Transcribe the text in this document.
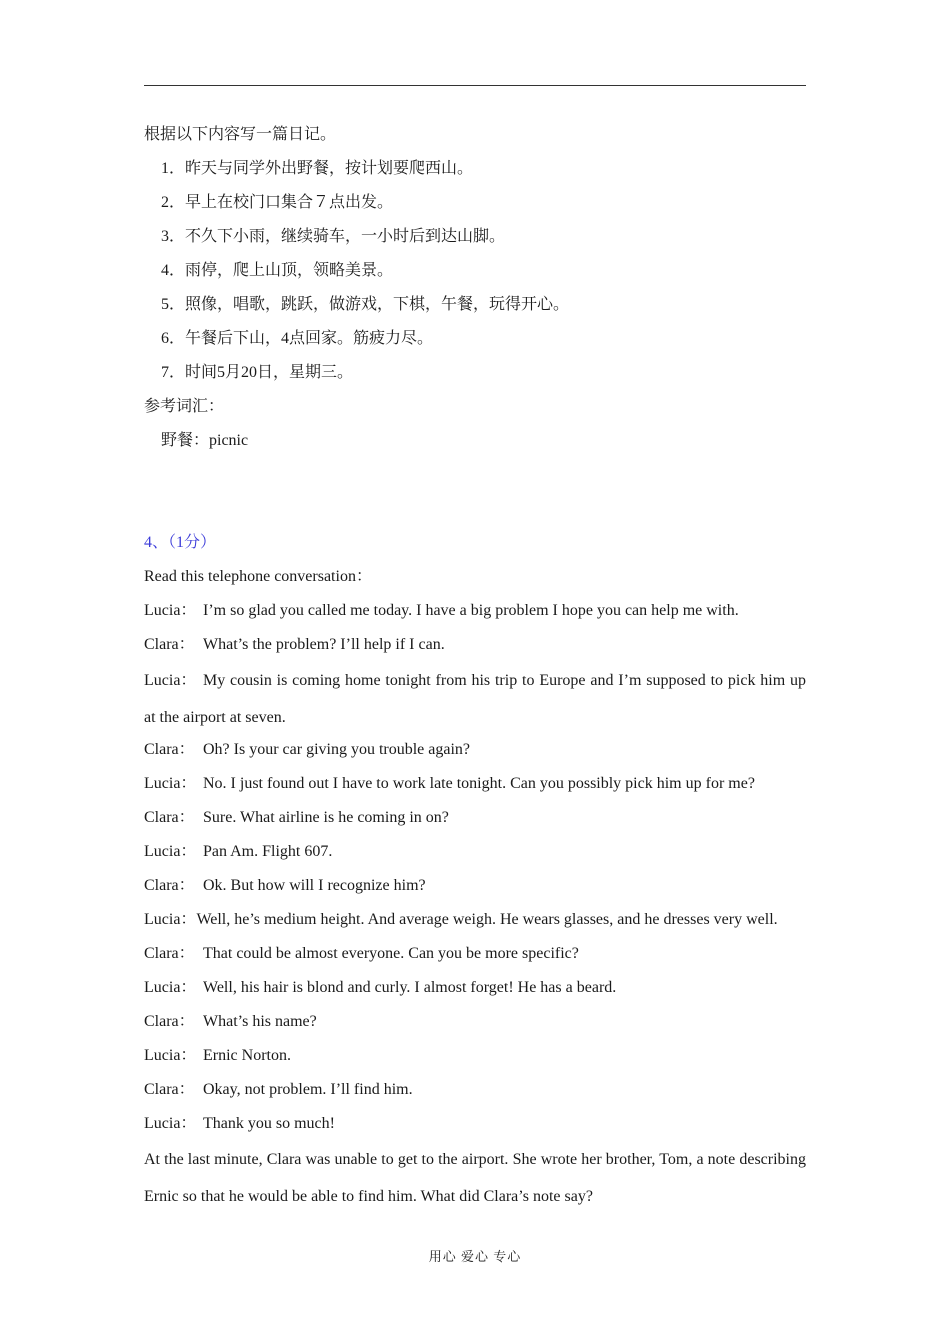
根据以下内容写一篇日记。
1．昨天与同学外出野餐，按计划要爬西山。
2．早上在校门口集合７点出发。
3．不久下小雨，继续骑车，一小时后到达山脚。
4．雨停，爬上山顶，领略美景。
5．照像，唱歌，跳跃，做游戏，下棋，午餐，玩得开心。
6．午餐后下山，4点回家。筋疲力尽。
7．时间5月20日，星期三。
参考词汇：
野餐：picnic
4、（1分）
Read this telephone conversation：
Lucia： I’m so glad you called me today. I have a big problem I hope you can help me with.
Clara： What’s the problem? I’ll help if I can.
Lucia： My cousin is coming home tonight from his trip to Europe and I’m supposed to pick him up at the airport at seven.
Clara： Oh? Is your car giving you trouble again?
Lucia： No. I just found out I have to work late tonight. Can you possibly pick him up for me?
Clara： Sure. What airline is he coming in on?
Lucia： Pan Am. Flight 607.
Clara： Ok. But how will I recognize him?
Lucia：Well, he’s medium height. And average weigh. He wears glasses, and he dresses very well.
Clara： That could be almost everyone. Can you be more specific?
Lucia： Well, his hair is blond and curly. I almost forget! He has a beard.
Clara： What’s his name?
Lucia： Ernic Norton.
Clara： Okay, not problem. I’ll find him.
Lucia： Thank you so much!
At the last minute, Clara was unable to get to the airport. She wrote her brother, Tom, a note describing Ernic so that he would be able to find him. What did Clara’s note say?
用心 爱心 专心
